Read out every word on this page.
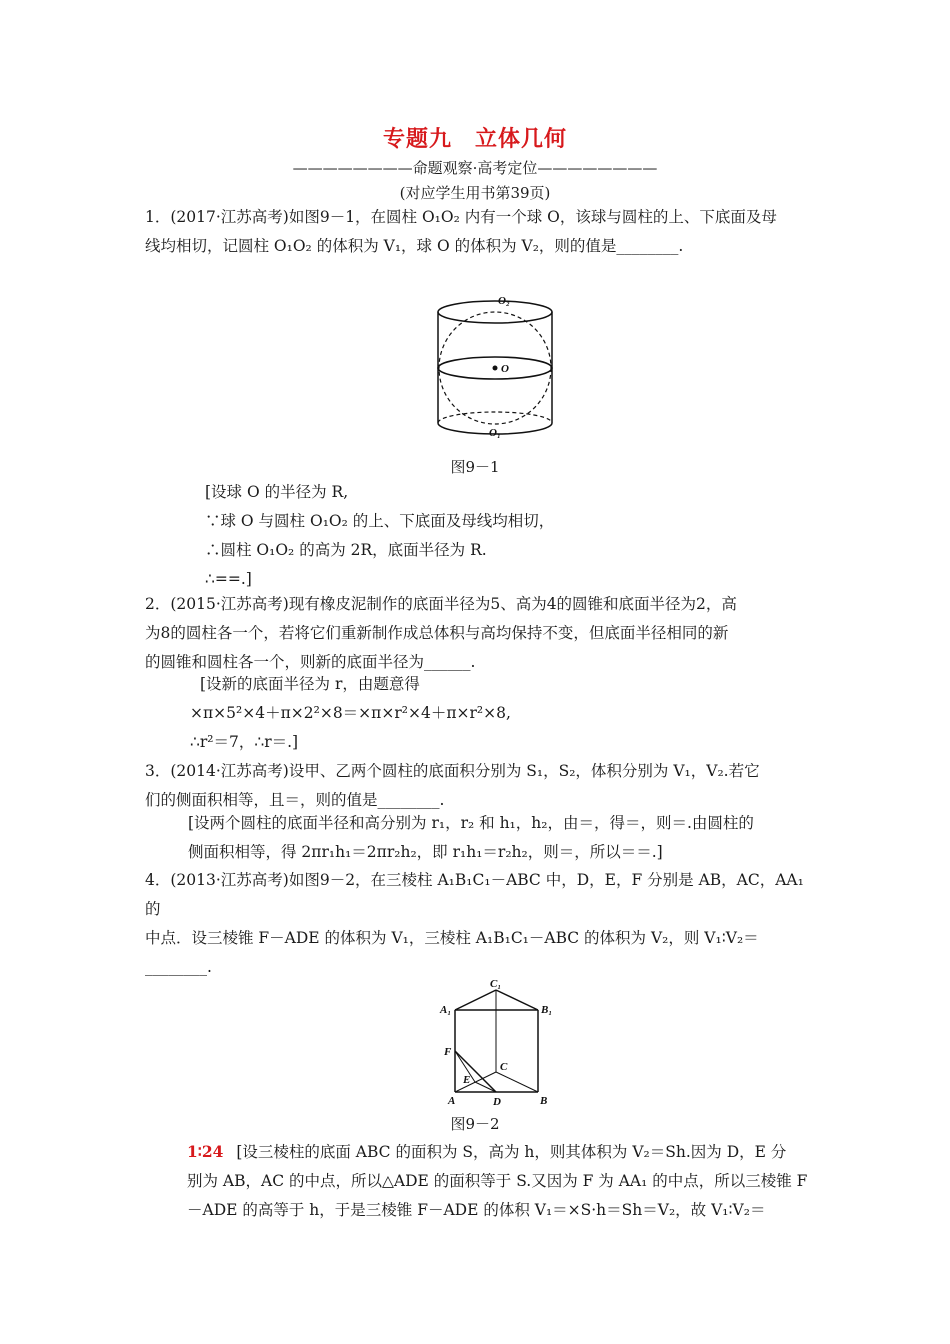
专题九　立体几何
————————命题观察·高考定位————————
(对应学生用书第39页)
1．(2017·江苏高考)如图9－1，在圆柱 O₁O₂ 内有一个球 O，该球与圆柱的上、下底面及母
线均相切，记圆柱 O₁O₂ 的体积为 V₁，球 O 的体积为 V₂，则的值是________.
O₂
O
O₁
图9－1
[设球 O 的半径为 R,
∵球 O 与圆柱 O₁O₂ 的上、下底面及母线均相切，
∴圆柱 O₁O₂ 的高为 2R，底面半径为 R.
∴==.]
2．(2015·江苏高考)现有橡皮泥制作的底面半径为5、高为4的圆锥和底面半径为2，高
为8的圆柱各一个，若将它们重新制作成总体积与高均保持不变，但底面半径相同的新
的圆锥和圆柱各一个，则新的底面半径为______.
[设新的底面半径为 r，由题意得
×π×5²×4＋π×2²×8＝×π×r²×4＋π×r²×8,
∴r²＝7，∴r＝.]
3．(2014·江苏高考)设甲、乙两个圆柱的底面积分别为 S₁，S₂，体积分别为 V₁，V₂.若它
们的侧面积相等，且＝，则的值是________.
[设两个圆柱的底面半径和高分别为 r₁，r₂ 和 h₁，h₂，由＝，得＝，则＝.由圆柱的
侧面积相等，得 2πr₁h₁＝2πr₂h₂，即 r₁h₁＝r₂h₂，则＝，所以＝＝.]
4．(2013·江苏高考)如图9－2，在三棱柱 A₁B₁C₁－ABC 中，D，E，F 分别是 AB，AC，AA₁ 的
中点．设三棱锥 F－ADE 的体积为 V₁，三棱柱 A₁B₁C₁－ABC 的体积为 V₂，则 V₁∶V₂＝
________.
C₁
A₁	B₁
F
C
E
A	D	B
图9－2
1∶24 [设三棱柱的底面 ABC 的面积为 S，高为 h，则其体积为 V₂＝Sh.因为 D，E 分
别为 AB，AC 的中点，所以△ADE 的面积等于 S.又因为 F 为 AA₁ 的中点，所以三棱锥 F
－ADE 的高等于 h，于是三棱锥 F－ADE 的体积 V₁＝×S·h＝Sh＝V₂，故 V₁∶V₂＝
